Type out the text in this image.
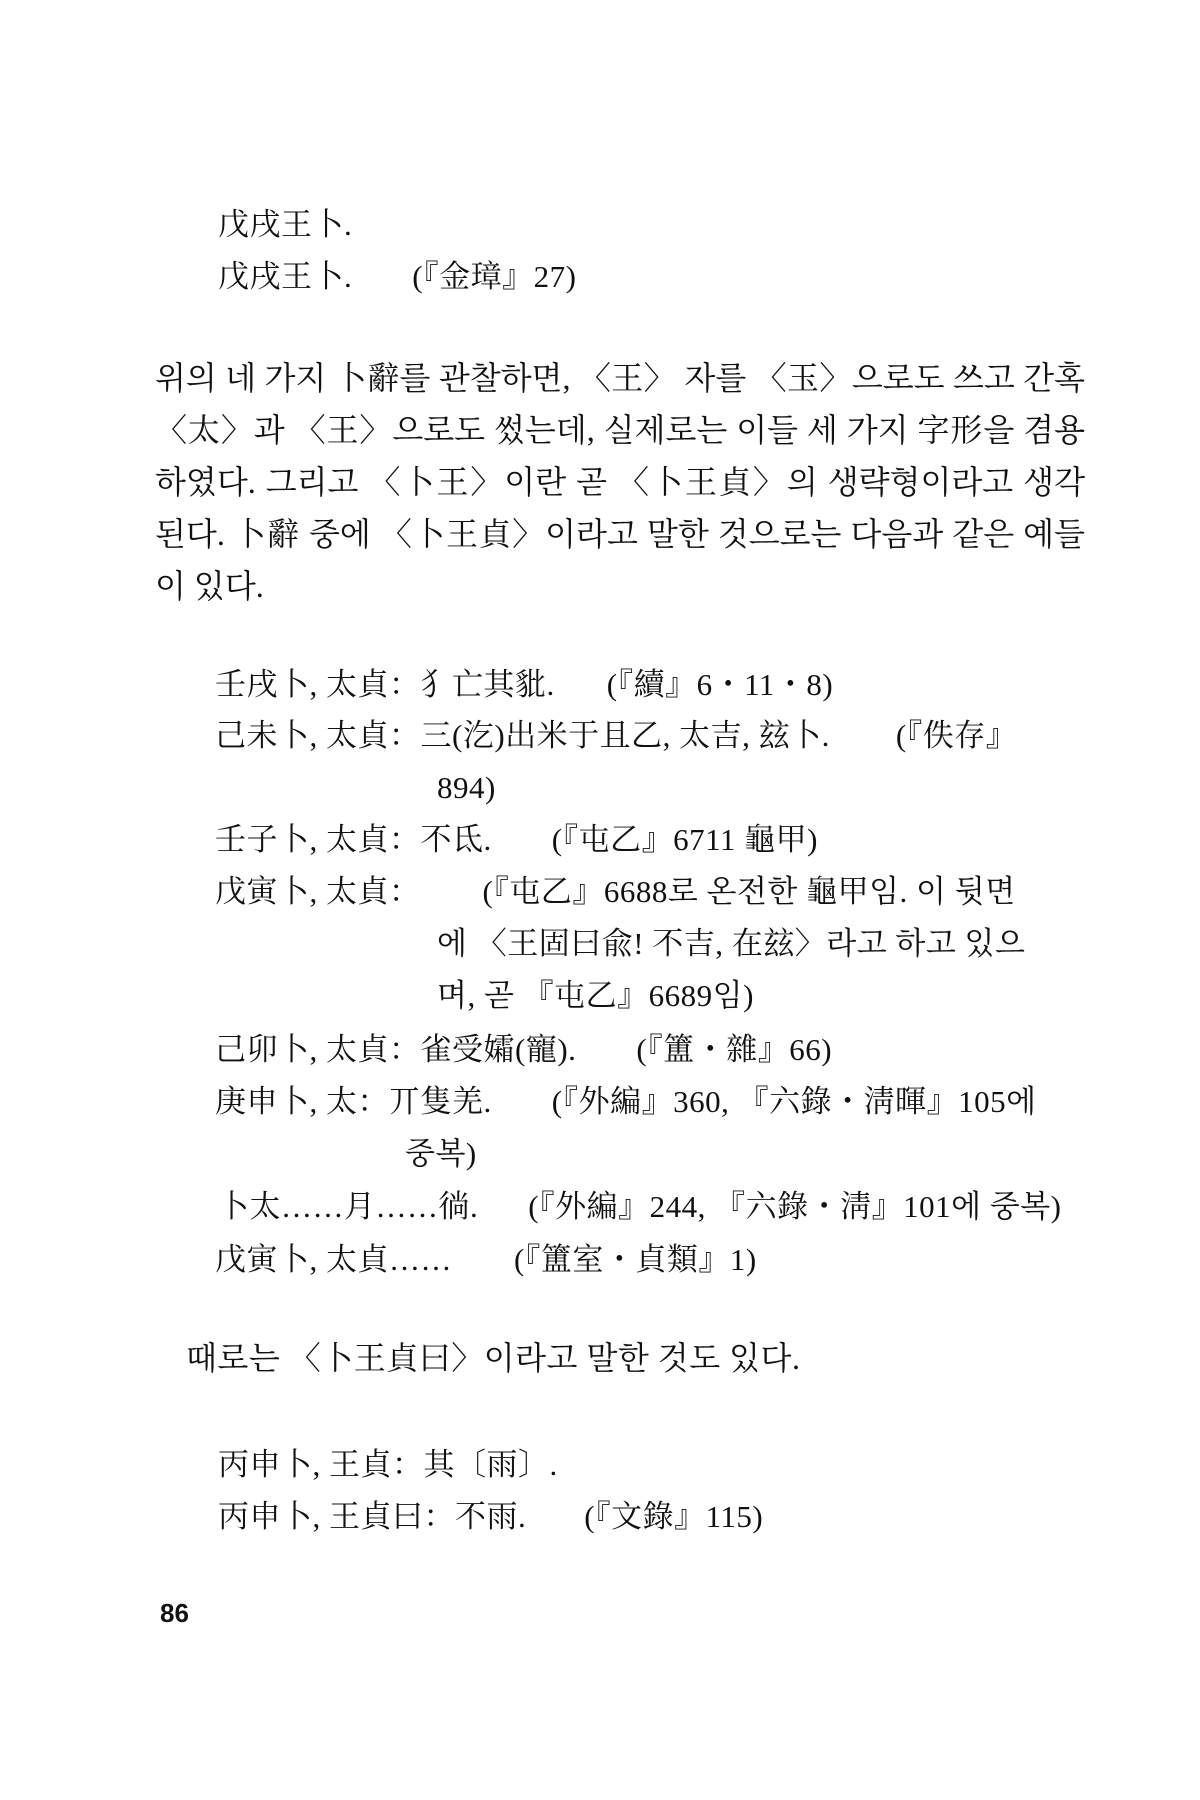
戊戌王卜.
戊戌王卜. (『金璋』27)
위의 네 가지 卜辭를 관찰하면, 〈王〉 자를 〈玉〉으로도 쓰고 간혹 〈太〉과 〈王〉으로도 썼는데, 실제로는 이들 세 가지 字形을 겸용하였다. 그리고 〈卜王〉이란 곧 〈卜王貞〉의 생략형이라고 생각된다. 卜辭 중에 〈卜王貞〉이라고 말한 것으로는 다음과 같은 예들이 있다.
壬戌卜, 太貞：犭亡其豼. (『續』6・11・8)
己未卜, 太貞：三(汔)出米于且乙, 太吉, 玆卜. (『佚存』
894)
壬子卜, 太貞：不氐. (『屯乙』6711 龜甲)
戊寅卜, 太貞： (『屯乙』6688로 온전한 龜甲임. 이 뒷면
에 〈王固曰兪! 不吉, 在玆〉라고 하고 있으
며, 곧 『屯乙』6689임)
己卯卜, 太貞：雀受孀(寵). (『簠・雜』66)
庚申卜, 太：丌隻羌. (『外編』360, 『六錄・淸暉』105에
중복)
卜太……月……徜. (『外編』244, 『六錄・淸』101에 중복)
戊寅卜, 太貞…… (『簠室・貞類』1)
때로는 〈卜王貞曰〉이라고 말한 것도 있다.
丙申卜, 王貞：其〔雨〕.
丙申卜, 王貞曰：不雨. (『文錄』115)
86
